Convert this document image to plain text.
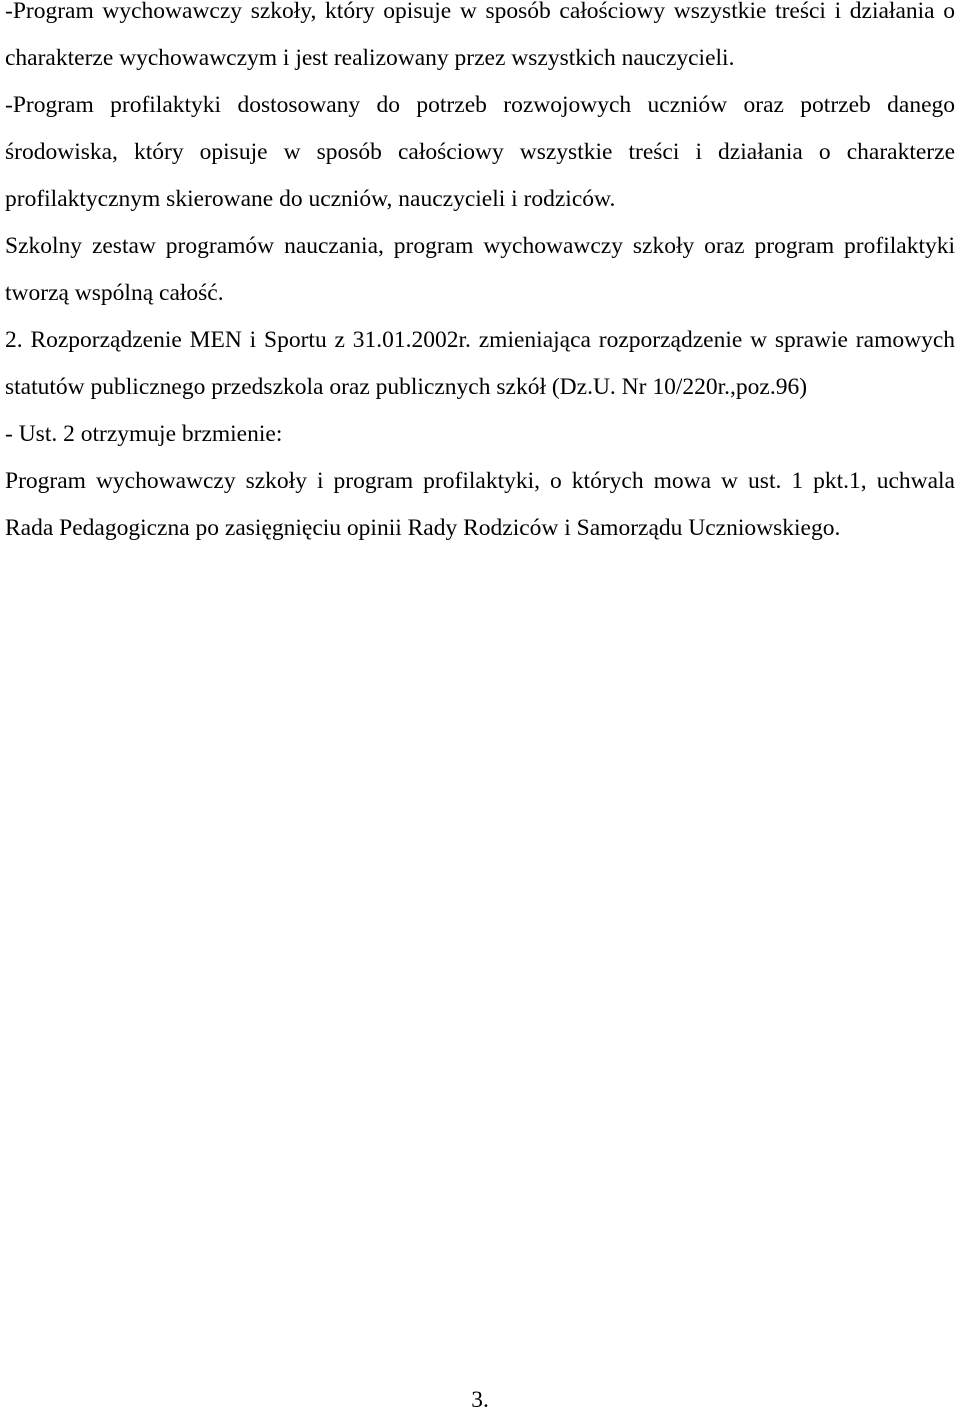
-Program wychowawczy szkoły, który opisuje w sposób całościowy wszystkie treści i działania o charakterze wychowawczym i jest realizowany przez wszystkich nauczycieli.

-Program profilaktyki dostosowany do potrzeb rozwojowych uczniów oraz potrzeb danego środowiska, który opisuje w sposób całościowy wszystkie treści i działania o charakterze profilaktycznym skierowane do uczniów, nauczycieli i rodziców.

Szkolny zestaw programów nauczania, program wychowawczy szkoły oraz program profilaktyki tworzą wspólną całość.

2. Rozporządzenie MEN i Sportu z 31.01.2002r. zmieniająca rozporządzenie w sprawie ramowych statutów publicznego przedszkola oraz publicznych szkół (Dz.U. Nr 10/220r.,poz.96)

- Ust. 2 otrzymuje brzmienie:

Program wychowawczy szkoły i program profilaktyki, o których mowa w ust. 1 pkt.1, uchwala Rada Pedagogiczna po zasięgnięciu opinii Rady Rodziców i Samorządu Uczniowskiego.

3.
